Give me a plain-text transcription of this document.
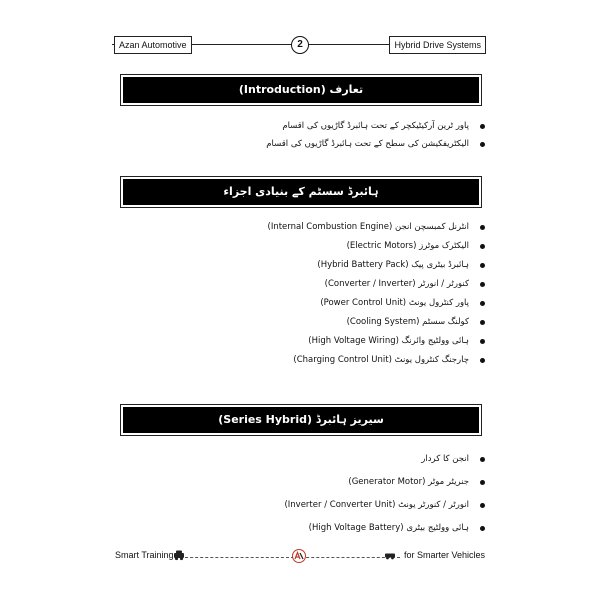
Azan Automotive	2	Hybrid Drive Systems
تعارف (Introduction)
پاور ٹرین آرکیٹیکچر کے تحت ہائبرڈ گاڑیوں کی اقسام
الیکٹریفکیشن کی سطح کے تحت ہائبرڈ گاڑیوں کی اقسام
ہائبرڈ سسٹم کے بنیادی اجزاء
انٹرنل کمبسچن انجن (Internal Combustion Engine)
الیکٹرک موٹرز (Electric Motors)
ہائبرڈ بیٹری پیک (Hybrid Battery Pack)
کنورٹر / انورٹر (Converter / Inverter)
پاور کنٹرول یونٹ (Power Control Unit)
کولنگ سسٹم (Cooling System)
ہائی وولٹیج وائرنگ (High Voltage Wiring)
چارجنگ کنٹرول یونٹ (Charging Control Unit)
سیریز ہائبرڈ (Series Hybrid)
انجن کا کردار
جنریٹر موٹر (Generator Motor)
انورٹر / کنورٹر یونٹ (Inverter / Converter Unit)
ہائی وولٹیج بیٹری (High Voltage Battery)
Smart Training	for Smarter Vehicles
